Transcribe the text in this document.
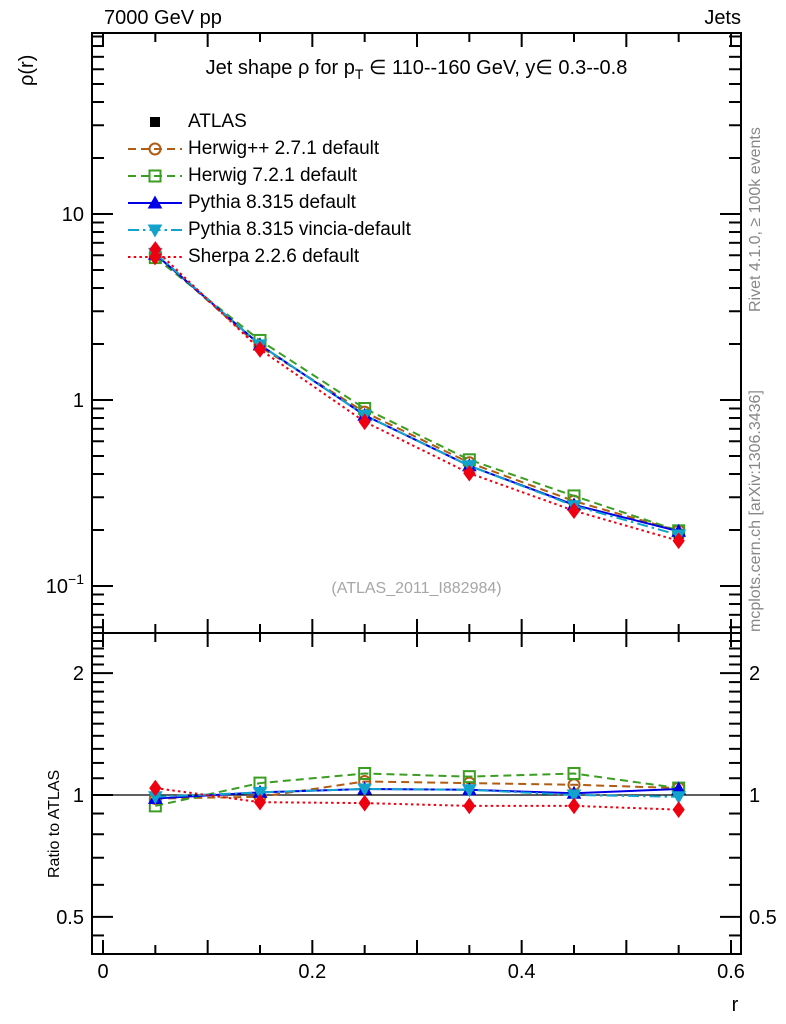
0	0.2	0.4	0.6
10
1
$10^{-1}$
2	2
1	1
0.5	0.5
7000 GeV pp	Jets
ρ(r)	Jet shape ρ for $p_T$ ∈ 110--160 GeV, y∈ 0.3--0.8
ATLAS
Herwig++ 2.7.1 default
Herwig 7.2.1 default
Pythia 8.315 default
Pythia 8.315 vincia-default
Sherpa 2.2.6 default
(ATLAS_2011_I882984)
Rivet 4.1.0, ≥ 100k events
mcplots.cern.ch [arXiv:1306.3436]
Ratio to ATLAS
r
